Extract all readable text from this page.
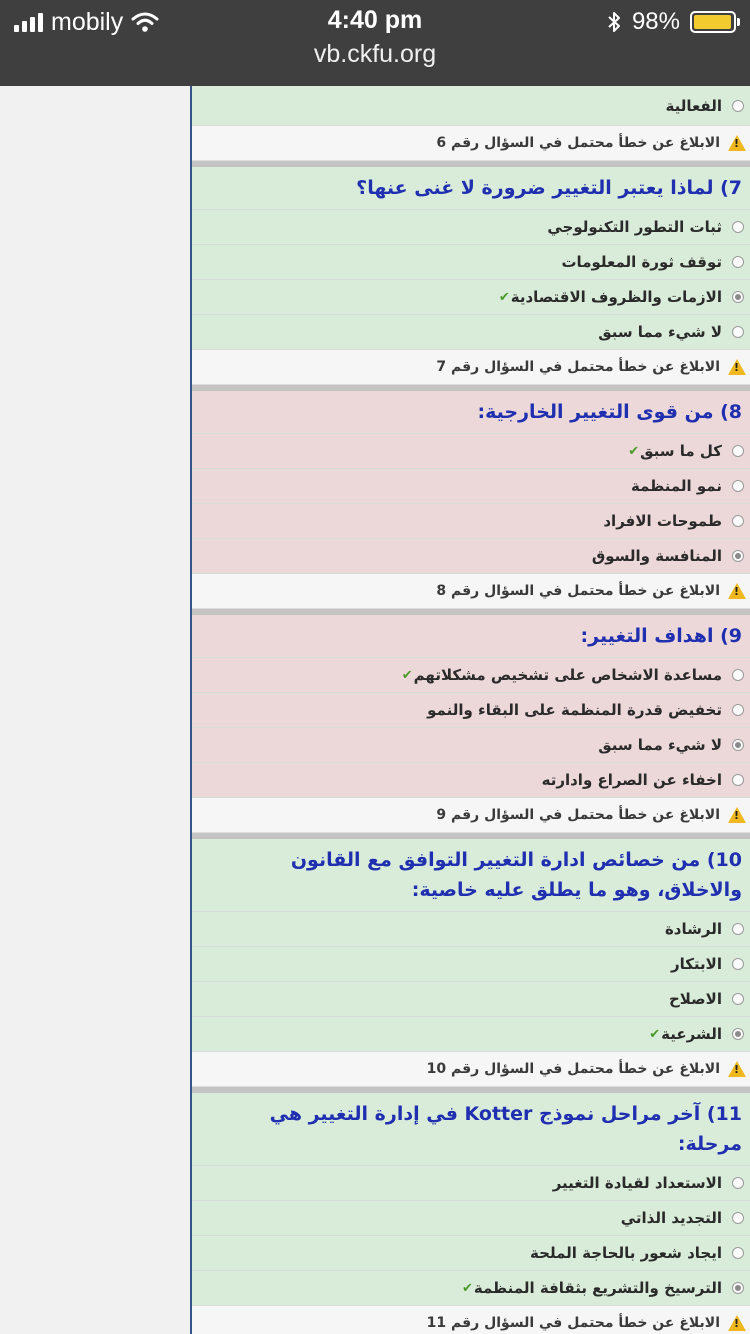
mobily	4:40 pm	98%
vb.ckfu.org
الفعالية
!
الابلاغ عن خطأ محتمل في السؤال رقم 6
7) لماذا يعتبر التغيير ضرورة لا غنى عنها؟
ثبات التطور التكنولوجي
توقف ثورة المعلومات
الازمات والظروف الاقتصادية
✔
لا شيء مما سبق
!
الابلاغ عن خطأ محتمل في السؤال رقم 7
8) من قوى التغيير الخارجية:
كل ما سبق
✔
نمو المنظمة
طموحات الافراد
المنافسة والسوق
!
الابلاغ عن خطأ محتمل في السؤال رقم 8
9) اهداف التغيير:
مساعدة الاشخاص على تشخيص مشكلاتهم
✔
تخفيض قدرة المنظمة على البقاء والنمو
لا شيء مما سبق
اخفاء عن الصراع وادارته
!
الابلاغ عن خطأ محتمل في السؤال رقم 9
10) من خصائص ادارة التغيير التوافق مع القانون والاخلاق، وهو ما يطلق عليه خاصية:
الرشادة
الابتكار
الاصلاح
الشرعية
✔
!
الابلاغ عن خطأ محتمل في السؤال رقم 10
11) آخر مراحل نموذج Kotter في إدارة التغيير هي مرحلة:
الاستعداد لقيادة التغيير
التجديد الذاتي
ايجاد شعور بالحاجة الملحة
الترسيخ والتشريع بثقافة المنظمة
✔
!
الابلاغ عن خطأ محتمل في السؤال رقم 11
